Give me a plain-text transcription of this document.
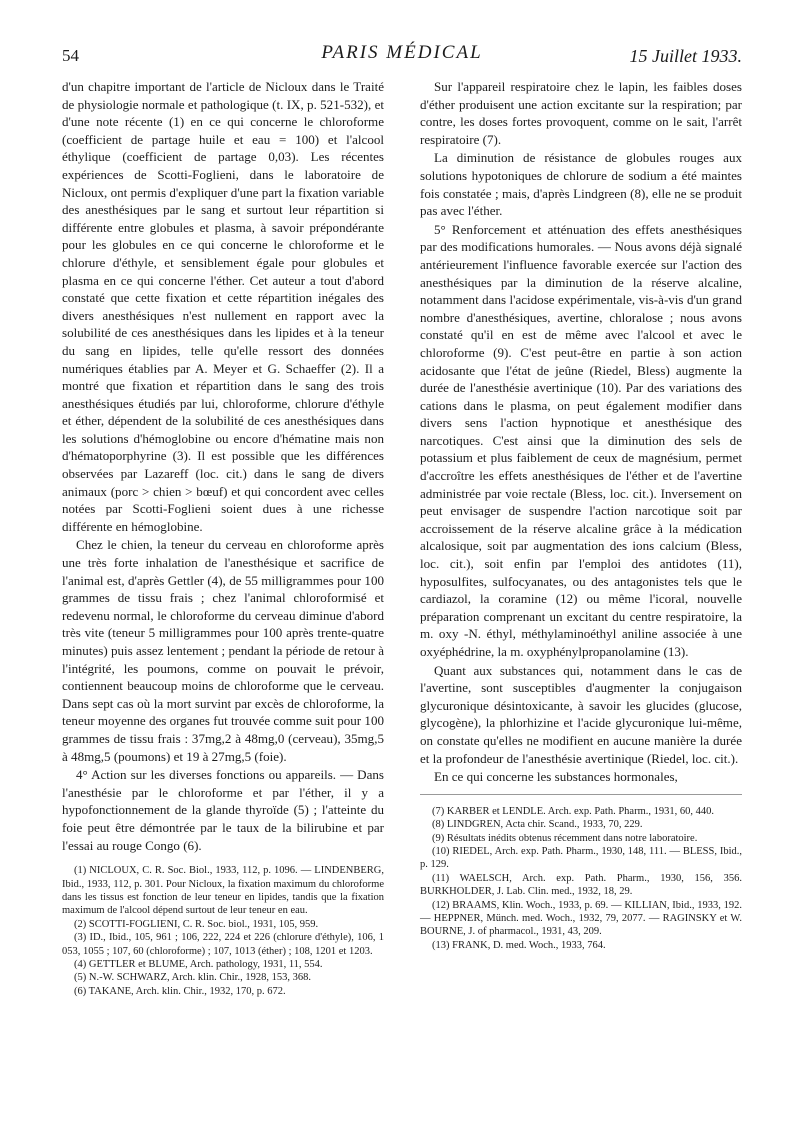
54	PARIS MÉDICAL	15 Juillet 1933.

d'un chapitre important de l'article de Nicloux dans le Traité de physiologie normale et pathologique (t. IX, p. 521-532), et d'une note récente (1) en ce qui concerne le chloroforme (coefficient de partage huile et eau = 100) et l'alcool éthylique (coefficient de partage 0,03). Les récentes expériences de Scotti-Foglieni, dans le laboratoire de Nicloux, ont permis d'expliquer d'une part la fixation variable des anesthésiques par le sang et surtout leur répartition si différente entre globules et plasma, à savoir prépondérante pour les globules en ce qui concerne le chloroforme et le chlorure d'éthyle, et sensiblement égale pour globules et plasma en ce qui concerne l'éther. Cet auteur a tout d'abord constaté que cette fixation et cette répartition inégales des divers anesthésiques n'est nullement en rapport avec la solubilité de ces anesthésiques dans les lipides et à la teneur du sang en lipides, telle qu'elle ressort des données numériques établies par A. Meyer et G. Schaeffer (2). Il a montré que fixation et répartition dans le sang des trois anesthésiques étudiés par lui, chloroforme, chlorure d'éthyle et éther, dépendent de la solubilité de ces anesthésiques dans les solutions d'hémoglobine ou encore d'hématine mais non d'hématoporphyrine (3). Il est possible que les différences observées par Lazareff (loc. cit.) dans le sang de divers animaux (porc > chien > bœuf) et qui concordent avec celles notées par Scotti-Foglieni soient dues à une richesse différente en hémoglobine.

Chez le chien, la teneur du cerveau en chloroforme après une très forte inhalation de l'anesthésique et sacrifice de l'animal est, d'après Gettler (4), de 55 milligrammes pour 100 grammes de tissu frais ; chez l'animal chloroformisé et redevenu normal, le chloroforme du cerveau diminue d'abord très vite (teneur 5 milligrammes pour 100 après trente-quatre minutes) puis assez lentement ; pendant la période de retour à l'intégrité, les poumons, comme on pouvait le prévoir, contiennent beaucoup moins de chloroforme que le cerveau. Dans sept cas où la mort survint par excès de chloroforme, la teneur moyenne des organes fut trouvée comme suit pour 100 grammes de tissu frais : 37mg,2 à 48mg,0 (cerveau), 35mg,5 à 48mg,5 (poumons) et 19 à 27mg,5 (foie).

4° Action sur les diverses fonctions ou appareils. — Dans l'anesthésie par le chloroforme et par l'éther, il y a hypofonctionnement de la glande thyroïde (5) ; l'atteinte du foie peut être démontrée par le taux de la bilirubine et par l'essai au rouge Congo (6).

(1) NICLOUX, C. R. Soc. Biol., 1933, 112, p. 1096. — LINDENBERG, Ibid., 1933, 112, p. 301. Pour Nicloux, la fixation maximum du chloroforme dans les tissus est fonction de leur teneur en lipides, tandis que la fixation maximum de l'alcool dépend surtout de leur teneur en eau.
(2) SCOTTI-FOGLIENI, C. R. Soc. biol., 1931, 105, 959.
(3) ID., Ibid., 105, 961 ; 106, 222, 224 et 226 (chlorure d'éthyle), 106, 1 053, 1055 ; 107, 60 (chloroforme) ; 107, 1013 (éther) ; 108, 1201 et 1203.
(4) GETTLER et BLUME, Arch. pathology, 1931, 11, 554.
(5) N.-W. SCHWARZ, Arch. klin. Chir., 1928, 153, 368.
(6) TAKANE, Arch. klin. Chir., 1932, 170, p. 672.

Sur l'appareil respiratoire chez le lapin, les faibles doses d'éther produisent une action excitante sur la respiration; par contre, les doses fortes provoquent, comme on le sait, l'arrêt respiratoire (7).

La diminution de résistance de globules rouges aux solutions hypotoniques de chlorure de sodium a été maintes fois constatée ; mais, d'après Lindgreen (8), elle ne se produit pas avec l'éther.

5° Renforcement et atténuation des effets anesthésiques par des modifications humorales. — Nous avons déjà signalé antérieurement l'influence favorable exercée sur l'action des anesthésiques par la diminution de la réserve alcaline, notamment dans l'acidose expérimentale, vis-à-vis d'un grand nombre d'anesthésiques, avertine, chloralose ; nous avons constaté qu'il en est de même avec l'alcool et avec le chloroforme (9). C'est peut-être en partie à son action acidosante que l'état de jeûne (Riedel, Bless) augmente la durée de l'anesthésie avertinique (10). Par des variations des cations dans le plasma, on peut également modifier dans divers sens l'action hypnotique et anesthésique des narcotiques. C'est ainsi que la diminution des sels de potassium et plus faiblement de ceux de magnésium, permet d'accroître les effets anesthésiques de l'éther et de l'avertine administrée par voie rectale (Bless, loc. cit.). Inversement on peut envisager de suspendre l'action narcotique soit par accroissement de la réserve alcaline grâce à la médication alcalosique, soit par augmentation des ions calcium (Bless, loc. cit.), soit enfin par l'emploi des antidotes (11), hyposulfites, sulfocyanates, ou des antagonistes tels que le cardiazol, la coramine (12) ou même l'icoral, nouvelle préparation comprenant un excitant du centre respiratoire, la m. oxy -N. éthyl, méthylaminoéthyl aniline associée à une oxyéphédrine, la m. oxyphénylpropanolamine (13).

Quant aux substances qui, notamment dans le cas de l'avertine, sont susceptibles d'augmenter la conjugaison glycuronique désintoxicante, à savoir les glucides (glucose, glycogène), la phlorhizine et l'acide glycuronique lui-même, on constate qu'elles ne modifient en aucune manière la durée et la profondeur de l'anesthésie avertinique (Riedel, loc. cit.).

En ce qui concerne les substances hormonales,

(7) KARBER et LENDLE. Arch. exp. Path. Pharm., 1931, 60, 440.
(8) LINDGREN, Acta chir. Scand., 1933, 70, 229.
(9) Résultats inédits obtenus récemment dans notre laboratoire.
(10) RIEDEL, Arch. exp. Path. Pharm., 1930, 148, 111. — BLESS, Ibid., p. 129.
(11) WAELSCH, Arch. exp. Path. Pharm., 1930, 156, 356. BURKHOLDER, J. Lab. Clin. med., 1932, 18, 29.
(12) BRAAMS, Klin. Woch., 1933, p. 69. — KILLIAN, Ibid., 1933, 192. — HEPPNER, Münch. med. Woch., 1932, 79, 2077. — RAGINSKY et W. BOURNE, J. of pharmacol., 1931, 43, 209.
(13) FRANK, D. med. Woch., 1933, 764.
